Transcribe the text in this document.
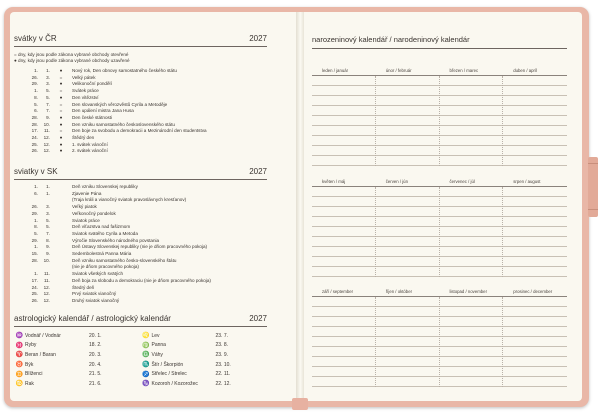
svátky v ČR	2027
= dny, kdy jsou podle zákona vybrané obchody otevřené
● dny, kdy jsou podle zákona vybrané obchody uzavřené
1.	1.	●	Nový rok, Den obnovy samostatného českého státu
26.	3.	=	Velký pátek
29.	3.	●	Velikonoční pondělí
1.	5.	=	Svátek práce
8.	5.	●	Den vítězství
5.	7.	=	Den slovanských věrozvěstů Cyrila a Metoděje
6.	7.	=	Den upálení mistra Jana Husa
28.	9.	●	Den české státnosti
28.	10.	●	Den vzniku samostatného československého státu
17.	11.	=	Den boje za svobodu a demokracii a Mezinárodní den studentstva
24.	12.	●	Štědrý den
25.	12.	●	1. svátek vánoční
26.	12.	●	2. svátek vánoční
sviatky v SK	2027
1.	1.	Deň vzniku Slovenskej republiky
6.	1.	Zjavenie Pána
(Traja králi a vianočný sviatok pravoslávnych kresťanov)
26.	3.	Veľký piatok
29.	3.	Veľkonočný pondelok
1.	5.	Sviatok práce
8.	5.	Deň víťazstva nad fašizmom
5.	7.	Sviatok svätého Cyrila a Metoda
29.	8.	Výročie Slovenského národného povstania
1.	9.	Deň Ústavy Slovenskej republiky (nie je dňom pracovného pokoja)
15.	9.	Sedembolestná Panna Mária
28.	10.	Deň vzniku samostatného česko-slovenského štátu
(nie je dňom pracovného pokoja)
1.	11.	Sviatok všetkých svätých
17.	11.	Deň boja za slobodu a demokraciu (nie je dňom pracovného pokoja)
24.	12.	Štedrý deň
25.	12.	Prvý sviatok vianočný
26.	12.	Druhý sviatok vianočný
astrologický kalendář / astrologický kalendár	2027
♒ Vodnář / Vodnár	20. 1.
♓ Ryby	18. 2.
♈ Beran / Baran	20. 3.
♉ Býk	20. 4.
♊ Blíženci	21. 5.
♋ Rak	21. 6.
♌ Lev	23. 7.
♍ Panna	23. 8.
♎ Váhy	23. 9.
♏ Štír / Škorpión	23. 10.
♐ Střelec / Strelec	22. 11.
♑ Kozoroh / Kozorožec	22. 12.
narozeninový kalendář / narodeninový kalendár
leden / január	únor / február	březen / marec	duben / apríl
květen / máj	červen / jún	červenec / júl	srpen / august
září / september	říjen / október	listopad / november	prosinec / december
